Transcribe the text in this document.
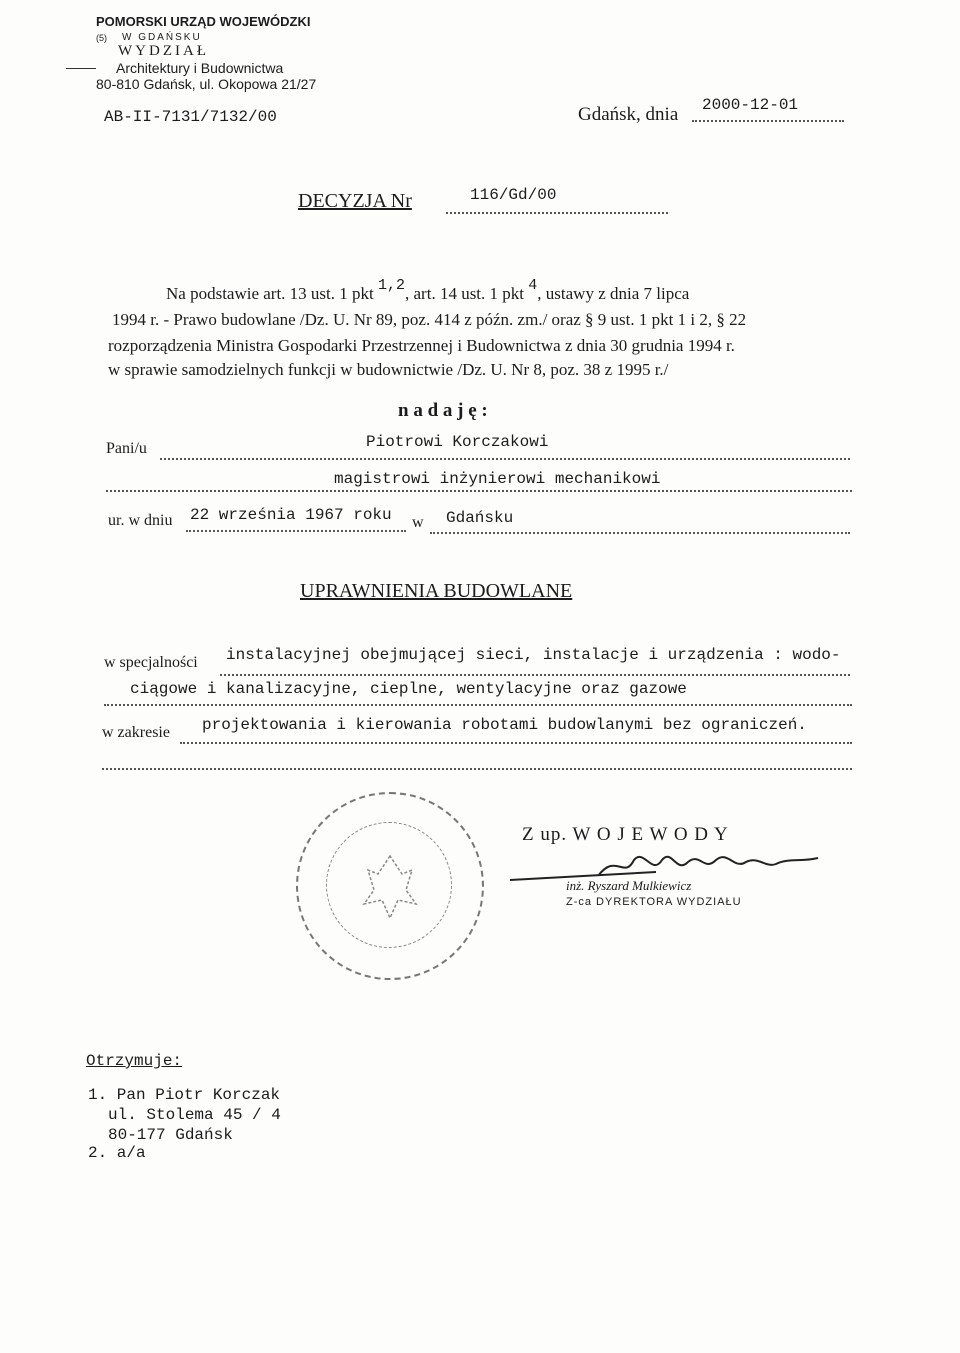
POMORSKI URZĄD WOJEWÓDZKI
(5) W GDAŃSKU
WYDZIAŁ
Architektury i Budownictwa
80-810 Gdańsk, ul. Okopowa 21/27
AB-II-7131/7132/00	Gdańsk, dnia 2000-12-01
DECYZJA Nr	116/Gd/00
Na podstawie art. 13 ust. 1 pkt 1,2, art. 14 ust. 1 pkt 4, ustawy z dnia 7 lipca
1994 r. - Prawo budowlane /Dz. U. Nr 89, poz. 414 z późn. zm./ oraz § 9 ust. 1 pkt 1 i 2, § 22
rozporządzenia Ministra Gospodarki Przestrzennej i Budownictwa z dnia 30 grudnia 1994 r.
w sprawie samodzielnych funkcji w budownictwie /Dz. U. Nr 8, poz. 38 z 1995 r./
n a d a j ę :
Pani/u	Piotrowi Korczakowi
magistrowi inżynierowi mechanikowi
ur. w dniu 22 września 1967 roku w Gdańsku
UPRAWNIENIA BUDOWLANE
w specjalności instalacyjnej obejmującej sieci, instalacje i urządzenia : wodo-
ciągowe i kanalizacyjne, cieplne, wentylacyjne oraz gazowe
w zakresie projektowania i kierowania robotami budowlanymi bez ograniczeń.
Z up. W O J E W O D Y
inż. Ryszard Mulkiewicz
Z-ca DYREKTORA WYDZIAŁU
Otrzymuje:
1. Pan Piotr Korczak
ul. Stolema 45 / 4
80-177 Gdańsk
2. a/a
